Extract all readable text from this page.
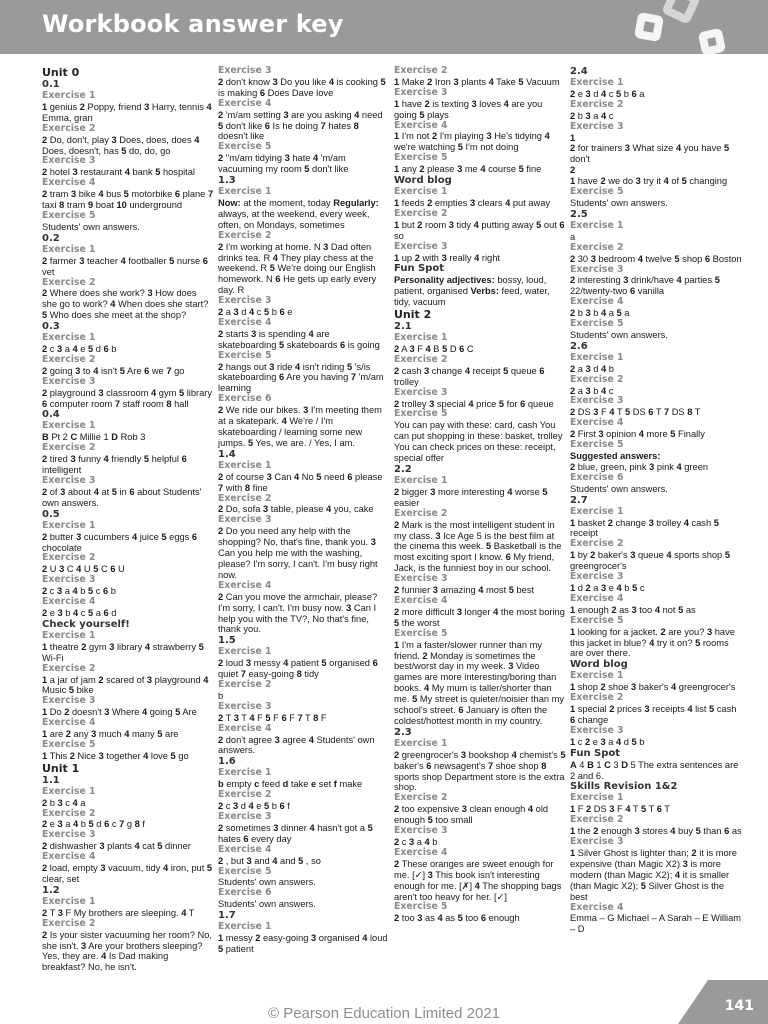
Workbook answer key
Unit 0
0.1
Exercise 1
1 genius 2 Poppy, friend 3 Harry, tennis 4 Emma, gran
Exercise 2
2 Do, don't, play 3 Does, does, does 4 Does, doesn't, has 5 do, do, go
Exercise 3
2 hotel 3 restaurant 4 bank 5 hospital
Exercise 4
2 tram 3 bike 4 bus 5 motorbike 6 plane 7 taxi 8 tram 9 boat 10 underground
Exercise 5
Students' own answers.
0.2
Exercise 1
2 farmer 3 teacher 4 footballer 5 nurse 6 vet
Exercise 2
2 Where does she work? 3 How does she go to work? 4 When does she start? 5 Who does she meet at the shop?
0.3
Exercise 1
2 c 3 a 4 e 5 d 6 b
Exercise 2
2 going 3 to 4 isn't 5 Are 6 we 7 go
Exercise 3
2 playground 3 classroom 4 gym 5 library 6 computer room 7 staff room 8 hall
0.4
Exercise 1
B Pt 2 C Millie 1 D Rob 3
Exercise 2
2 tired 3 funny 4 friendly 5 helpful 6 intelligent
Exercise 3
2 of 3 about 4 at 5 in 6 about Students' own answers.
0.5
Exercise 1
2 butter 3 cucumbers 4 juice 5 eggs 6 chocolate
Exercise 2
2 U 3 C 4 U 5 C 6 U
Exercise 3
2 c 3 a 4 b 5 c 6 b
Exercise 4
2 e 3 b 4 c 5 a 6 d
Check yourself!
Exercise 1
1 theatre 2 gym 3 library 4 strawberry 5 Wi-Fi
Exercise 2
1 a jar of jam 2 scared of 3 playground 4 Music 5 bike
Exercise 3
1 Do 2 doesn't 3 Where 4 going 5 Are
Exercise 4
1 are 2 any 3 much 4 many 5 are
Exercise 5
1 This 2 Nice 3 together 4 love 5 go
Unit 1
1.1
Exercise 1
2 b 3 c 4 a
Exercise 2
2 e 3 a 4 b 5 d 6 c 7 g 8 f
Exercise 3
2 dishwasher 3 plants 4 cat 5 dinner
Exercise 4
2 load, empty 3 vacuum, tidy 4 iron, put 5 clear, set
1.2
Exercise 1
2 T 3 F My brothers are sleeping. 4 T
Exercise 2
2 Is your sister vacuuming her room? No, she isn't. 3 Are your brothers sleeping? Yes, they are. 4 Is Dad making breakfast? No, he isn't.
Exercise 3
2 don't know 3 Do you like 4 is cooking 5 is making 6 Does Dave love
Exercise 4
2 'm/am setting 3 are you asking 4 need 5 don't like 6 Is he doing 7 hates 8 doesn't like
Exercise 5
2 ''m/am tidying 3 hate 4 'm/am vacuuming my room 5 don't like
1.3
Exercise 1
Now: at the moment, today Regularly: always, at the weekend, every week, often, on Mondays, sometimes
Exercise 2
2 I'm working at home. N 3 Dad often drinks tea. R 4 They play chess at the weekend. R 5 We're doing our English homework. N 6 He gets up early every day. R
Exercise 3
2 a 3 d 4 c 5 b 6 e
Exercise 4
2 starts 3 is spending 4 are skateboarding 5 skateboards 6 is going
Exercise 5
2 hangs out 3 ride 4 isn't riding 5 's/is skateboarding 6 Are you having 7 'm/am learning
Exercise 6
2 We ride our bikes. 3 I'm meeting them at a skatepark. 4 We're / I'm skateboarding / learning some new jumps. 5 Yes, we are. / Yes, I am.
1.4
Exercise 1
2 of course 3 Can 4 No 5 need 6 please 7 with 8 fine
Exercise 2
2 Do, sofa 3 table, please 4 you, cake
Exercise 3
2 Do you need any help with the shopping? No, that's fine, thank you. 3 Can you help me with the washing, please? I'm sorry, I can't. I'm busy right now.
Exercise 4
2 Can you move the armchair, please? I'm sorry, I can't. I'm busy now. 3 Can I help you with the TV?, No that's fine, thank you.
1.5
Exercise 1
2 loud 3 messy 4 patient 5 organised 6 quiet 7 easy-going 8 tidy
Exercise 2
b
Exercise 3
2 T 3 T 4 F 5 F 6 F 7 T 8 F
Exercise 4
2 don't agree 3 agree 4 Students' own answers.
1.6
Exercise 1
b empty c feed d take e set f make
Exercise 2
2 c 3 d 4 e 5 b 6 f
Exercise 3
2 sometimes 3 dinner 4 hasn't got a 5 hates 6 every day
Exercise 4
2 , but 3 and 4 and 5 , so
Exercise 5
Students' own answers.
Exercise 6
Students' own answers.
1.7
Exercise 1
1 messy 2 easy-going 3 organised 4 loud 5 patient
Exercise 2
1 Make 2 Iron 3 plants 4 Take 5 Vacuum
Exercise 3
1 have 2 is texting 3 loves 4 are you going 5 plays
Exercise 4
1 I'm not 2 I'm playing 3 He's tidying 4 we're watching 5 I'm not doing
Exercise 5
1 any 2 please 3 me 4 course 5 fine
Word blog
Exercise 1
1 feeds 2 empties 3 clears 4 put away
Exercise 2
1 but 2 room 3 tidy 4 putting away 5 out 6 so
Exercise 3
1 up 2 with 3 really 4 right
Fun Spot
Personality adjectives: bossy, loud, patient, organised Verbs: feed, water, tidy, vacuum
Unit 2
2.1
Exercise 1
2 A 3 F 4 B 5 D 6 C
Exercise 2
2 cash 3 change 4 receipt 5 queue 6 trolley
Exercise 3
2 trolley 3 special 4 price 5 for 6 queue
Exercise 5
You can pay with these: card, cash You can put shopping in these: basket, trolley You can check prices on these: receipt, special offer
2.2
Exercise 1
2 bigger 3 more interesting 4 worse 5 easier
Exercise 2
2 Mark is the most intelligent student in my class. 3 Ice Age 5 is the best film at the cinema this week. 5 Basketball is the most exciting sport I know. 6 My friend, Jack, is the funniest boy in our school.
Exercise 3
2 funnier 3 amazing 4 most 5 best
Exercise 4
2 more difficult 3 longer 4 the most boring 5 the worst
Exercise 5
1 I'm a faster/slower runner than my friend. 2 Monday is sometimes the best/worst day in my week. 3 Video games are more interesting/boring than books. 4 My mum is taller/shorter than me. 5 My street is quieter/noisier than my school's street. 6 January is often the coldest/hottest month in my country.
2.3
Exercise 1
2 greengrocer's 3 bookshop 4 chemist's 5 baker's 6 newsagent's 7 shoe shop 8 sports shop Department store is the extra shop.
Exercise 2
2 too expensive 3 clean enough 4 old enough 5 too small
Exercise 3
2 c 3 a 4 b
Exercise 4
2 These oranges are sweet enough for me. [✓] 3 This book isn't interesting enough for me. [✗] 4 The shopping bags aren't too heavy for her. [✓]
Exercise 5
2 too 3 as 4 as 5 too 6 enough
2.4
Exercise 1
2 e 3 d 4 c 5 b 6 a
Exercise 2
2 b 3 a 4 c
Exercise 3
1
2 for trainers 3 What size 4 you have 5 don't
2
1 have 2 we do 3 try it 4 of 5 changing
Exercise 5
Students' own answers.
2.5
Exercise 1
a
Exercise 2
2 30 3 bedroom 4 twelve 5 shop 6 Boston
Exercise 3
2 interesting 3 drink/have 4 parties 5 22/twenty-two 6 vanilla
Exercise 4
2 b 3 b 4 a 5 a
Exercise 5
Students' own answers.
2.6
Exercise 1
2 a 3 d 4 b
Exercise 2
2 a 3 b 4 c
Exercise 3
2 DS 3 F 4 T 5 DS 6 T 7 DS 8 T
Exercise 4
2 First 3 opinion 4 more 5 Finally
Exercise 5
Suggested answers:
2 blue, green, pink 3 pink 4 green
Exercise 6
Students' own answers.
2.7
Exercise 1
1 basket 2 change 3 trolley 4 cash 5 receipt
Exercise 2
1 by 2 baker's 3 queue 4 sports shop 5 greengrocer's
Exercise 3
1 d 2 a 3 e 4 b 5 c
Exercise 4
1 enough 2 as 3 too 4 not 5 as
Exercise 5
1 looking for a jacket. 2 are you? 3 have this jacket in blue? 4 try it on? 5 rooms are over there.
Word blog
Exercise 1
1 shop 2 shoe 3 baker's 4 greengrocer's
Exercise 2
1 special 2 prices 3 receipts 4 list 5 cash 6 change
Exercise 3
1 c 2 e 3 a 4 d 5 b
Fun Spot
A 4 B 1 C 3 D 5 The extra sentences are 2 and 6.
Skills Revision 1&2
Exercise 1
1 F 2 DS 3 F 4 T 5 T 6 T
Exercise 2
1 the 2 enough 3 stores 4 buy 5 than 6 as
Exercise 3
1 Silver Ghost is lighter than; 2 it is more expensive (than Magic X2) 3 is more modern (than Magic X2); 4 it is smaller (than Magic X2); 5 Silver Ghost is the best
Exercise 4
Emma – G Michael – A Sarah – E William – D
© Pearson Education Limited 2021	141
